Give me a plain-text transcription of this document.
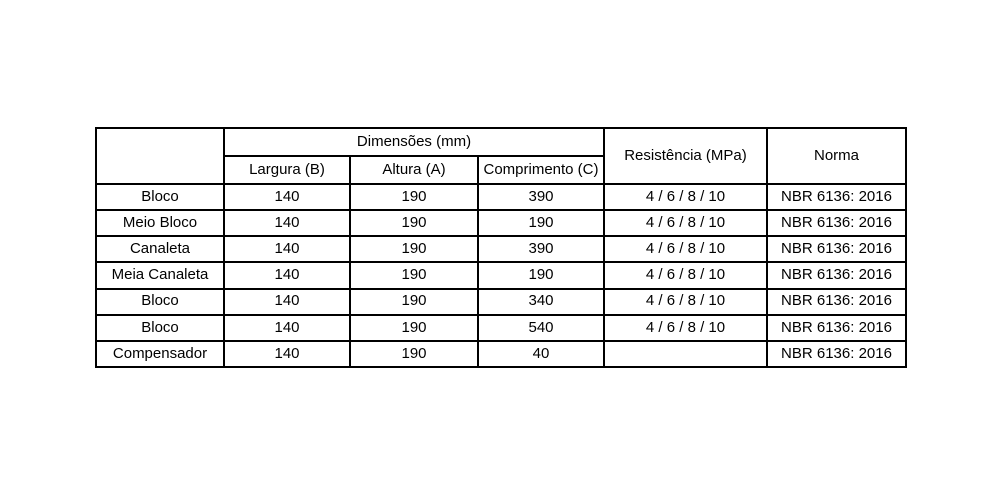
	Dimensões (mm)			Resistência (MPa)	Norma
	Largura (B)	Altura (A)	Comprimento (C)		
Bloco	140	190	390	4 / 6 / 8 / 10	NBR 6136: 2016
Meio Bloco	140	190	190	4 / 6 / 8 / 10	NBR 6136: 2016
Canaleta	140	190	390	4 / 6 / 8 / 10	NBR 6136: 2016
Meia Canaleta	140	190	190	4 / 6 / 8 / 10	NBR 6136: 2016
Bloco	140	190	340	4 / 6 / 8 / 10	NBR 6136: 2016
Bloco	140	190	540	4 / 6 / 8 / 10	NBR 6136: 2016
Compensador	140	190	40		NBR 6136: 2016
